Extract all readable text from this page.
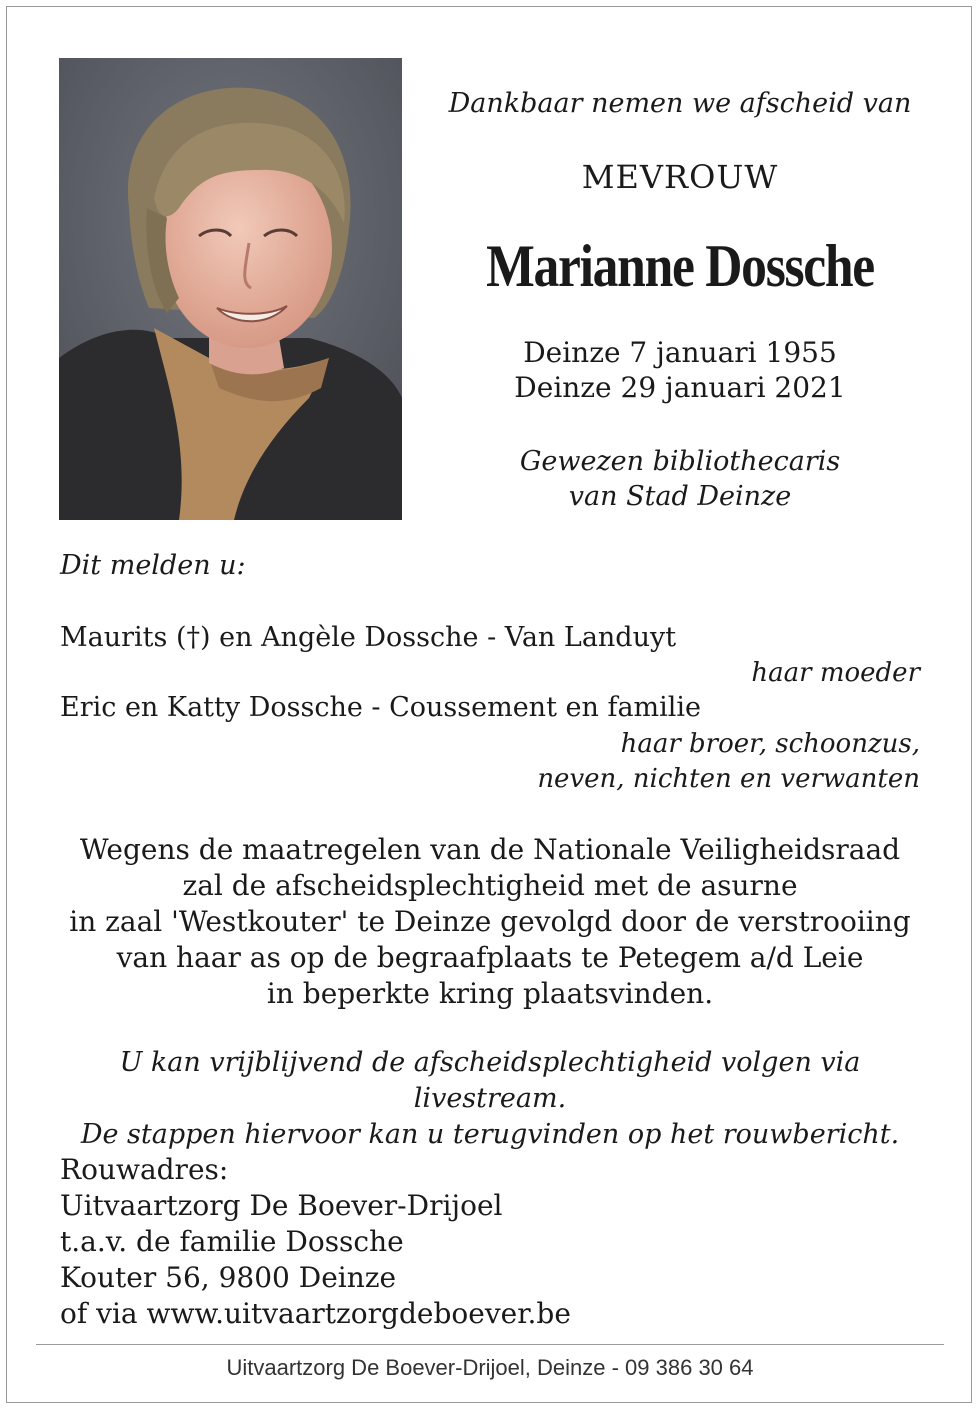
Dankbaar nemen we afscheid van
MEVROUW
Marianne Dossche
Deinze 7 januari 1955
Deinze 29 januari 2021
Gewezen bibliothecaris
van Stad Deinze
Dit melden u:
Maurits (†) en Angèle Dossche - Van Landuyt
haar moeder
Eric en Katty Dossche - Coussement en familie
haar broer, schoonzus,
neven, nichten en verwanten
Wegens de maatregelen van de Nationale Veiligheidsraad
zal de afscheidsplechtigheid met de asurne
in zaal 'Westkouter' te Deinze gevolgd door de verstrooiing
van haar as op de begraafplaats te Petegem a/d Leie
in beperkte kring plaatsvinden.
U kan vrijblijvend de afscheidsplechtigheid volgen via livestream.
De stappen hiervoor kan u terugvinden op het rouwbericht.
Rouwadres:
Uitvaartzorg De Boever-Drijoel
t.a.v. de familie Dossche
Kouter 56, 9800 Deinze
of via www.uitvaartzorgdeboever.be
Uitvaartzorg De Boever-Drijoel, Deinze - 09 386 30 64
